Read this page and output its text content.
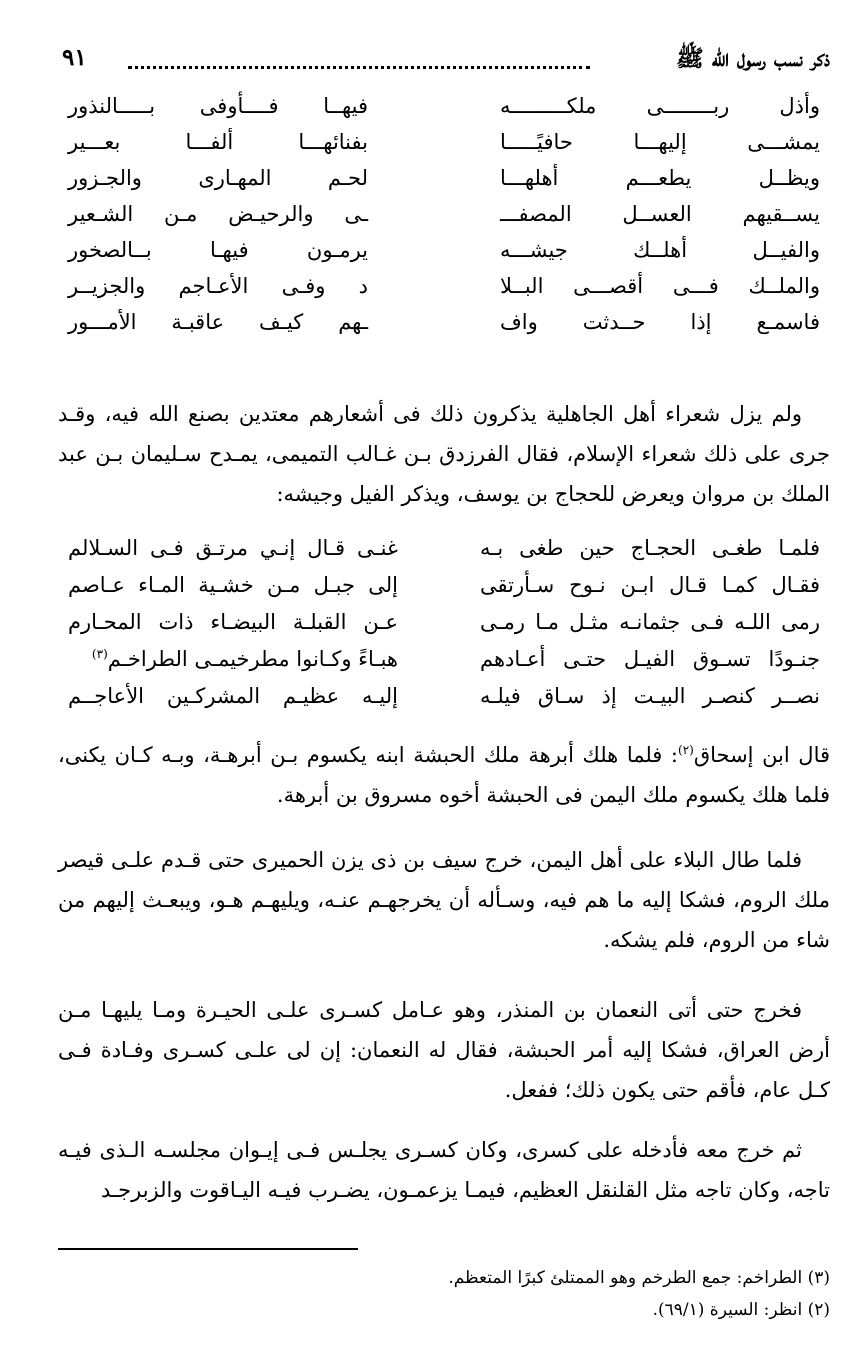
ذكر نسب رسول الله ﷺ
٩١
وأذل ربــــــــى ملكـــــــــه
فيهــا فــــأوفى بـــــالنذور
يمشـــى إليهـــا حافيًـــــا
بفنائهـــا ألفـــا بعـــير
ويظــل يطعـــم أهلهـــا
لحـم المهـارى والجـزور
يســقيهم العســل المصفـــ
ـى والرحيـض مـن الشـعير
والفيــل أهلــك جيشـــه
يرمـون فيهـا بــالصخور
والملــك فـــى أقصـــى البــلا
د وفـى الأعـاجم والجزيــر
فاسمـع إذا حــدثت واف
ـهم كيـف عاقبـة الأمـــور

ولم يزل شعراء أهل الجاهلية يذكرون ذلك فى أشعارهم معتدين بصنع الله فيه، وقـد جرى على ذلك شعراء الإسلام، فقال الفرزدق بـن غـالب التميمى، يمـدح سـليمان بـن عبد الملك بن مروان ويعرض للحجاج بن يوسف، ويذكر الفيل وجيشه:

فلمـا طغـى الحجـاج حين طغى بـه
غنـى قـال إنـي مرتـق فـى السـلالم
فقـال كمـا قـال ابـن نـوح سـأرتقى
إلى جبـل مـن خشـية المـاء عـاصم
رمى اللـه فـى جثمانـه مثـل مـا رمـى
عـن القبلـة البيضـاء ذات المحـارم
جنـودًا تسـوق الفيـل حتـى أعـادهم
هبـاءً وكـانوا مطرخيمـى الطراخـم$^{(٣)}$
نصــر كنصـر البيـت إذ سـاق فيلـه
إليـه عظيـم المشركـين الأعاجــم

قال ابن إسحاق$^{(٢)}$: فلما هلك أبرهة ملك الحبشة ابنه يكسوم بـن أبرهـة، وبـه كـان يكنى، فلما هلك يكسوم ملك اليمن فى الحبشة أخوه مسروق بن أبرهة.

فلما طال البلاء على أهل اليمن، خرج سيف بن ذى يزن الحميرى حتى قـدم علـى قيصر ملك الروم، فشكا إليه ما هم فيه، وسـأله أن يخرجهـم عنـه، ويليهـم هـو، ويبعـث إليهم من شاء من الروم، فلم يشكه.

فخرج حتى أتى النعمان بن المنذر، وهو عـامل كسـرى علـى الحيـرة ومـا يليهـا مـن أرض العراق، فشكا إليه أمر الحبشة، فقال له النعمان: إن لى علـى كسـرى وفـادة فـى كـل عام، فأقم حتى يكون ذلك؛ ففعل.

ثم خرج معه فأدخله على كسرى، وكان كسـرى يجلـس فـى إيـوان مجلسـه الـذى فيـه تاجه، وكان تاجه مثل القلنقل العظيم، فيمـا يزعمـون، يضـرب فيـه اليـاقوت والزبرجـد

(٣) الطراخم: جمع الطرخم وهو الممتلئ كبرًا المتعظم.
(٢) انظر: السيرة (٦٩/١).
